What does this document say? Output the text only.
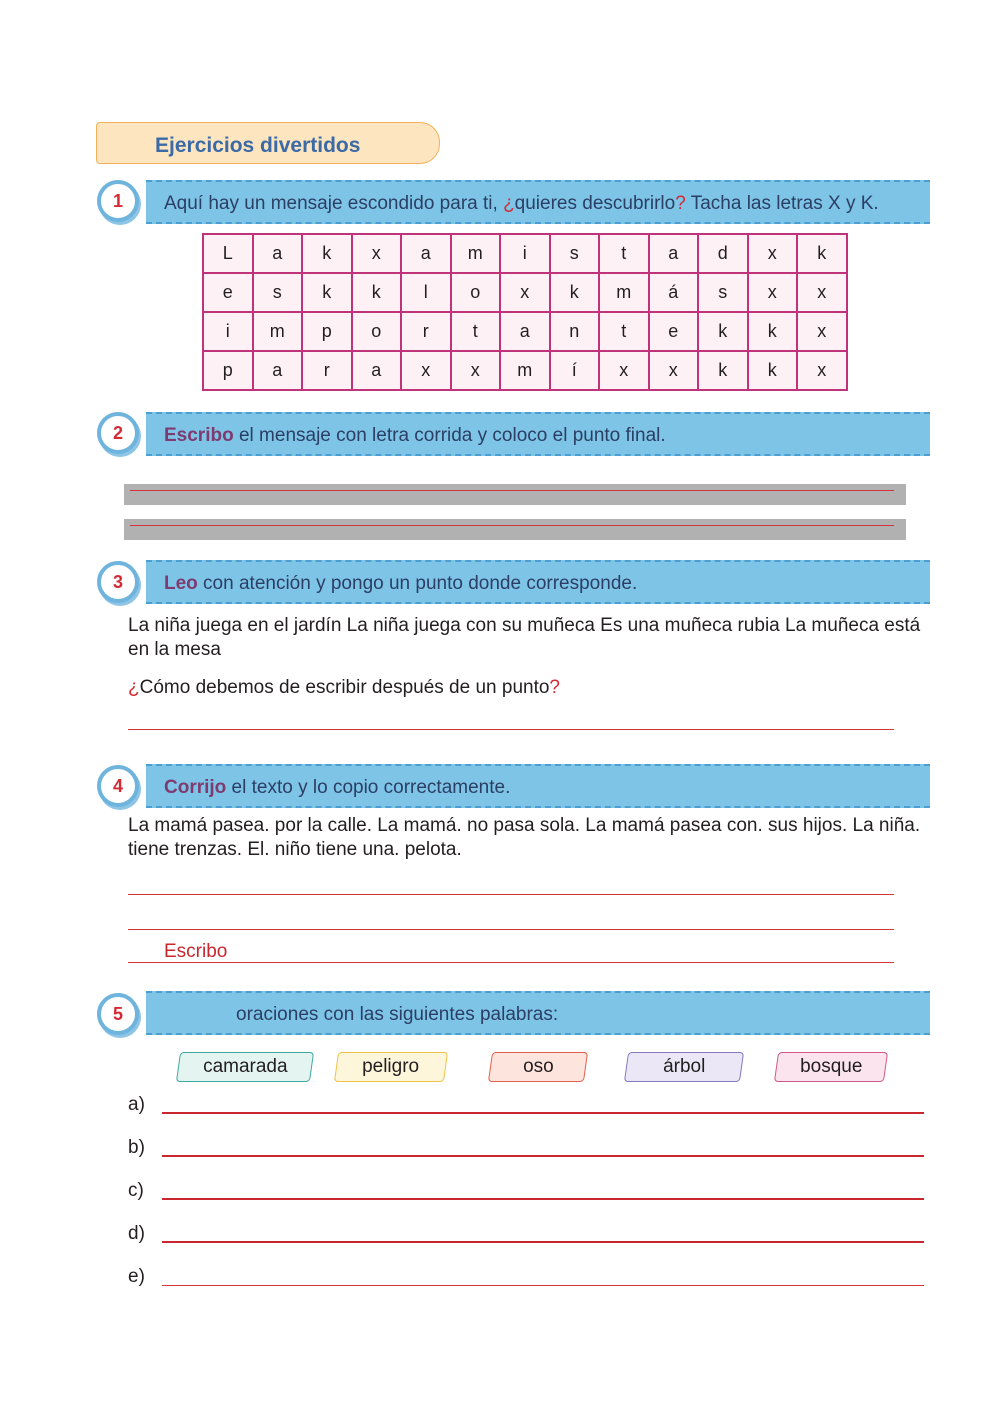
Ejercicios divertidos
1	Aquí hay un mensaje escondido para ti, ¿quieres descubrirlo? Tacha las letras X y K.
L	a	k	x	a	m	i	s	t	a	d	x	k
e	s	k	k	l	o	x	k	m	á	s	x	x
i	m	p	o	r	t	a	n	t	e	k	k	x
p	a	r	a	x	x	m	í	x	x	k	k	x
2	Escribo el mensaje con letra corrida y coloco el punto final.
3	Leo con atención y pongo un punto donde corresponde.
La niña juega en el jardín La niña juega con su muñeca Es una muñeca rubia La muñeca está en la mesa
¿Cómo debemos de escribir después de un punto?
4	Corrijo el texto y lo copio correctamente.
La mamá pasea. por la calle. La mamá. no pasa sola. La mamá pasea con. sus hijos. La niña. tiene trenzas. El. niño tiene una. pelota.
Escribo
5	oraciones con las siguientes palabras:
camarada	peligro	oso	árbol	bosque
a)
b)
c)
d)
e)
